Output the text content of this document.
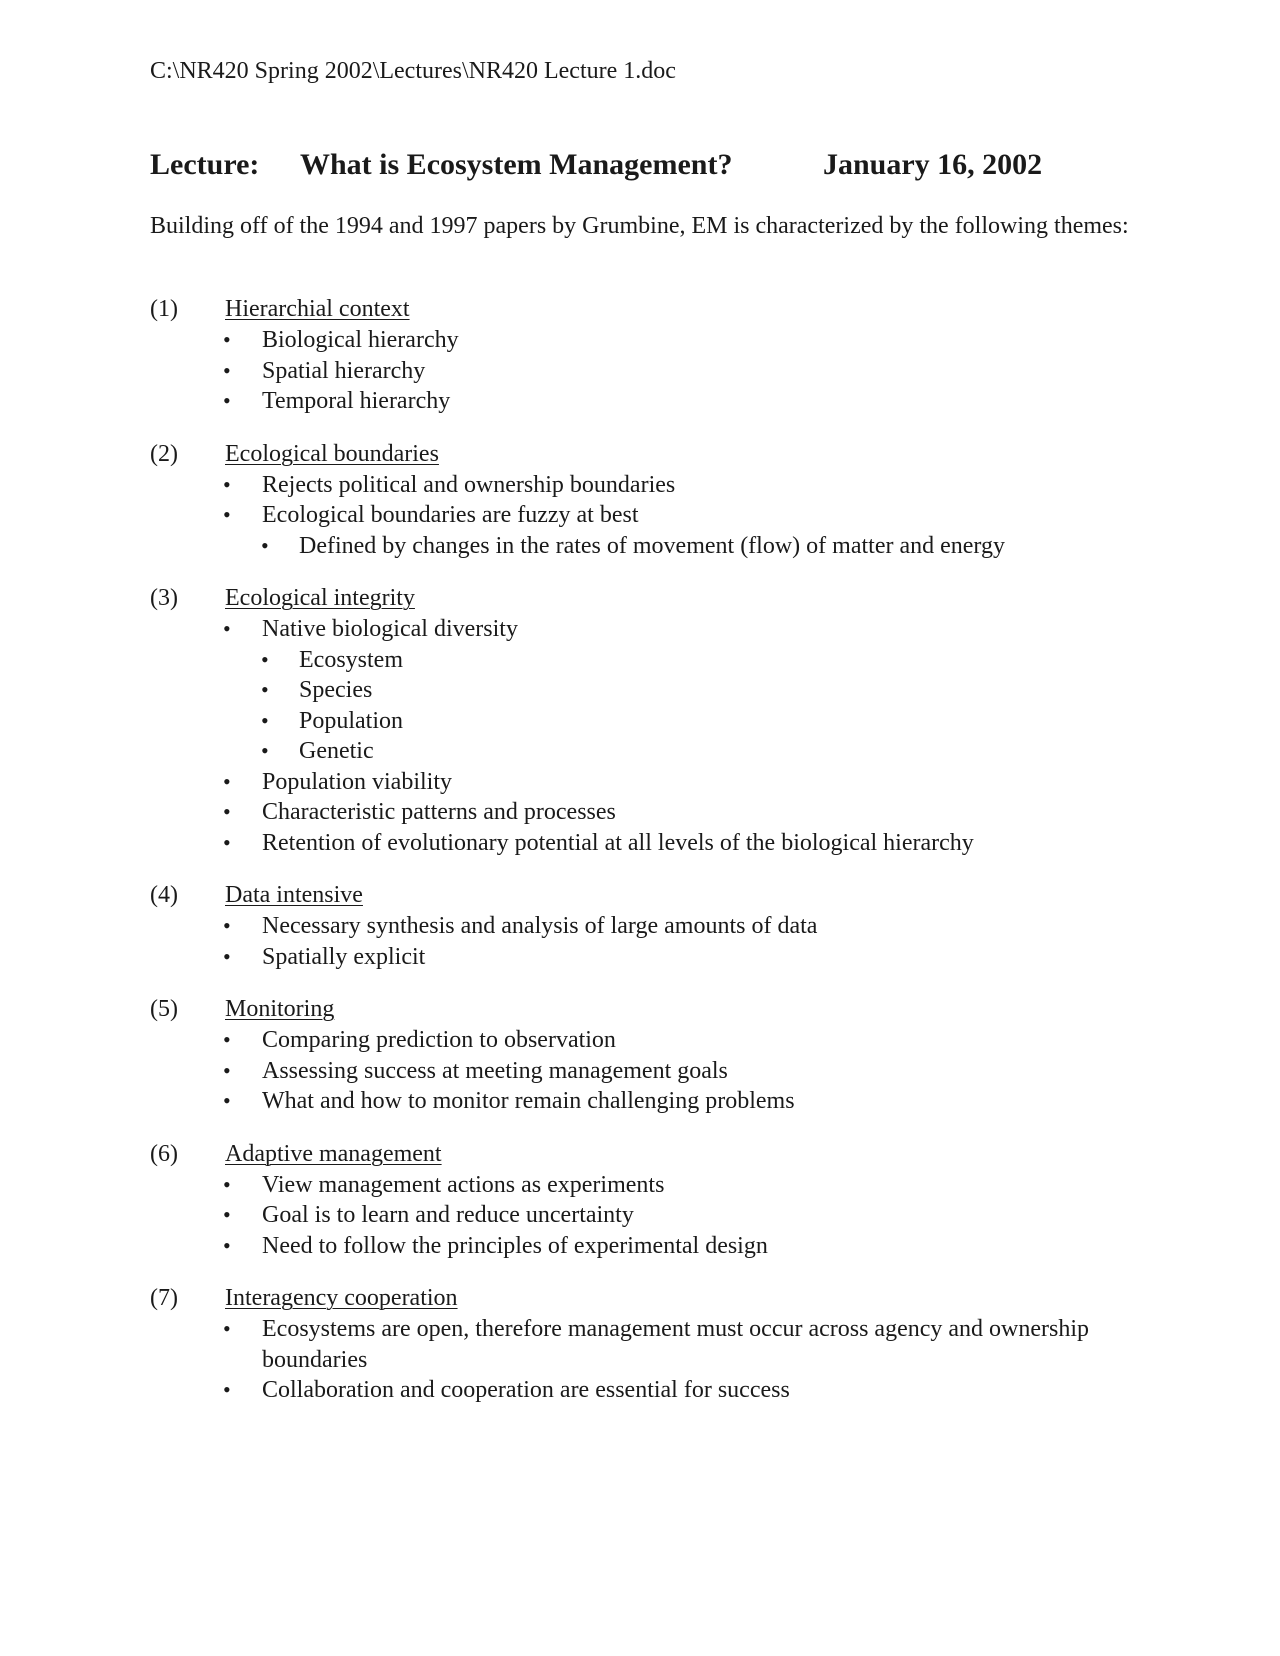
C:\NR420 Spring 2002\Lectures\NR420 Lecture 1.doc
Lecture: What is Ecosystem Management?	January 16, 2002
Building off of the 1994 and 1997 papers by Grumbine, EM is characterized by the following themes:
(1) Hierarchial context
• Biological hierarchy
• Spatial hierarchy
• Temporal hierarchy
(2) Ecological boundaries
• Rejects political and ownership boundaries
• Ecological boundaries are fuzzy at best
• Defined by changes in the rates of movement (flow) of matter and energy
(3) Ecological integrity
• Native biological diversity
• Ecosystem
• Species
• Population
• Genetic
• Population viability
• Characteristic patterns and processes
• Retention of evolutionary potential at all levels of the biological hierarchy
(4) Data intensive
• Necessary synthesis and analysis of large amounts of data
• Spatially explicit
(5) Monitoring
• Comparing prediction to observation
• Assessing success at meeting management goals
• What and how to monitor remain challenging problems
(6) Adaptive management
• View management actions as experiments
• Goal is to learn and reduce uncertainty
• Need to follow the principles of experimental design
(7) Interagency cooperation
• Ecosystems are open, therefore management must occur across agency and ownership boundaries
• Collaboration and cooperation are essential for success
